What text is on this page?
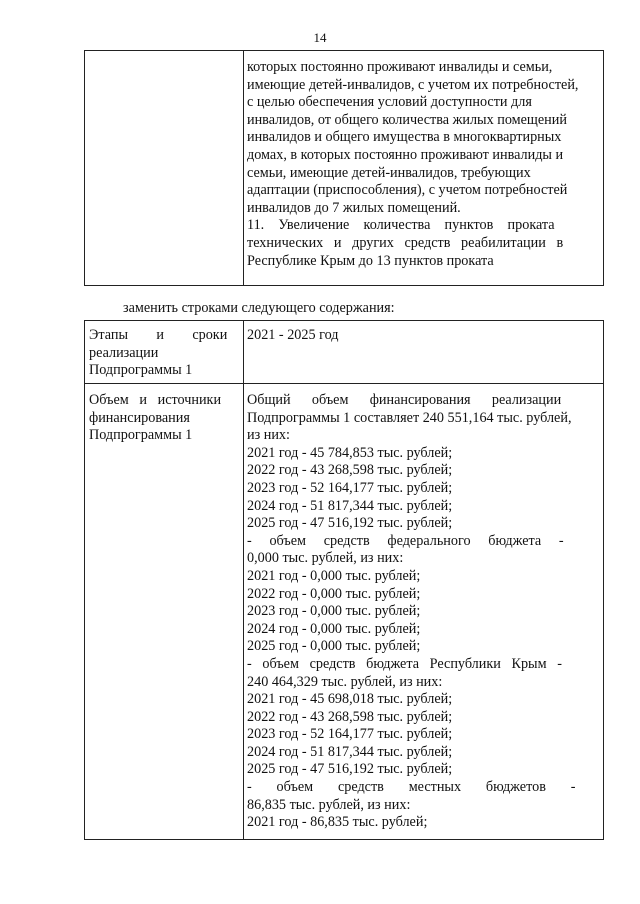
14
которых постоянно проживают инвалиды и семьи,
имеющие детей-инвалидов, с учетом их потребностей,
с целью обеспечения условий доступности для
инвалидов, от общего количества жилых помещений
инвалидов и общего имущества в многоквартирных
домах, в которых постоянно проживают инвалиды и
семьи, имеющие детей-инвалидов, требующих
адаптации (приспособления), с учетом потребностей
инвалидов до 7 жилых помещений.
11.    Увеличение    количества    пунктов    проката
технических   и   других   средств   реабилитации   в
Республике Крым до 13 пунктов проката
заменить строками следующего содержания:
Этапы        и        сроки
реализации
Подпрограммы 1
2021 - 2025 год
Объем   и   источники
финансирования
Подпрограммы 1
Общий      объем      финансирования      реализации
Подпрограммы 1 составляет 240 551,164 тыс. рублей,
из них:
2021 год - 45 784,853 тыс. рублей;
2022 год - 43 268,598 тыс. рублей;
2023 год - 52 164,177 тыс. рублей;
2024 год - 51 817,344 тыс. рублей;
2025 год - 47 516,192 тыс. рублей;
-     объем     средств     федерального     бюджета     -
0,000 тыс. рублей, из них:
2021 год - 0,000 тыс. рублей;
2022 год - 0,000 тыс. рублей;
2023 год - 0,000 тыс. рублей;
2024 год - 0,000 тыс. рублей;
2025 год - 0,000 тыс. рублей;
-   объем   средств   бюджета   Республики   Крым   -
240 464,329 тыс. рублей, из них:
2021 год - 45 698,018 тыс. рублей;
2022 год - 43 268,598 тыс. рублей;
2023 год - 52 164,177 тыс. рублей;
2024 год - 51 817,344 тыс. рублей;
2025 год - 47 516,192 тыс. рублей;
-       объем       средств       местных       бюджетов       -
86,835 тыс. рублей, из них:
2021 год - 86,835 тыс. рублей;
